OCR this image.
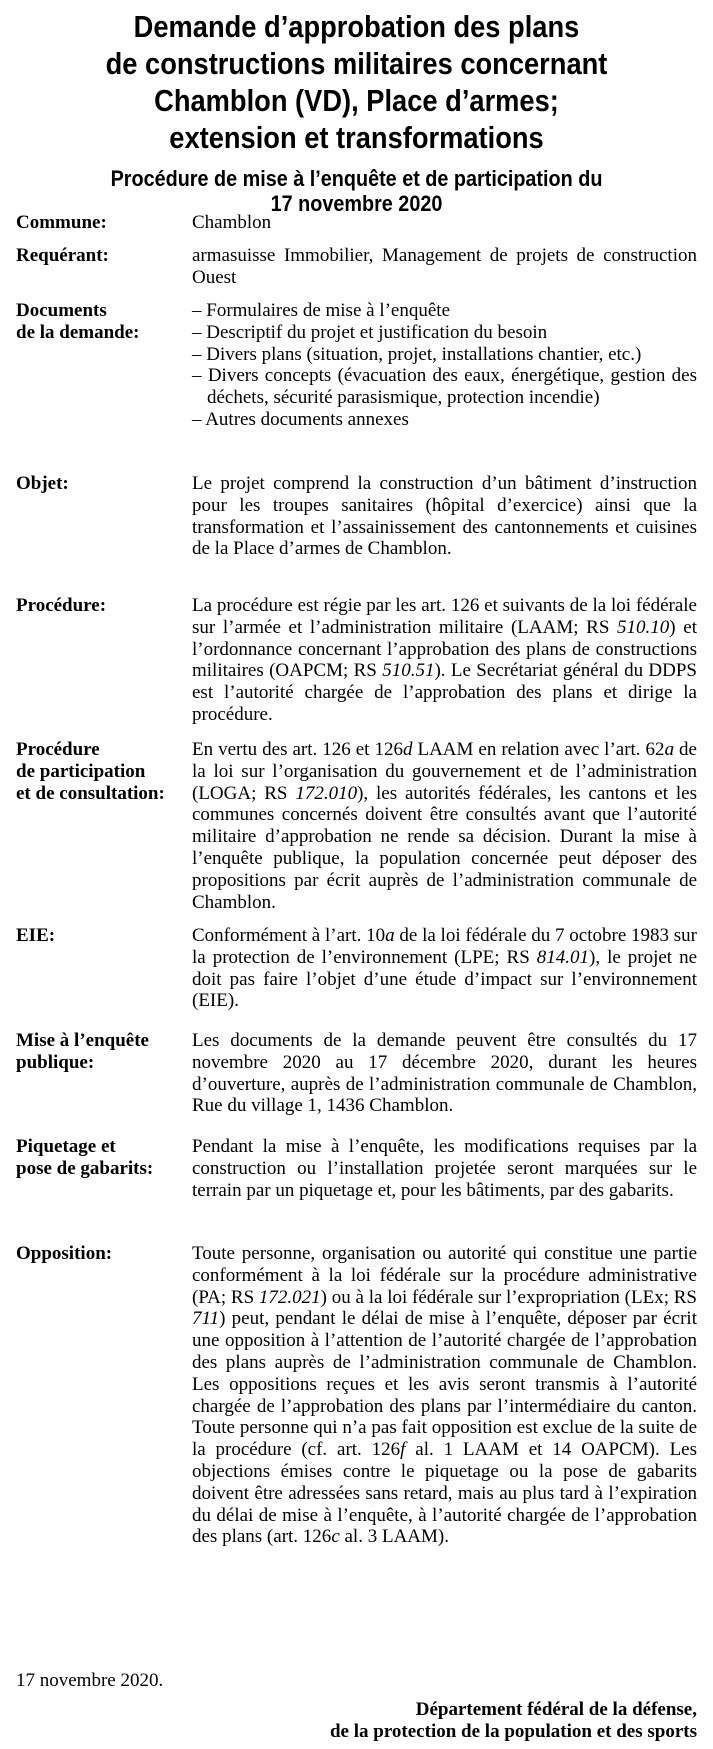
Demande d’approbation des plans
de constructions militaires concernant
Chamblon (VD), Place d’armes;
extension et transformations
Procédure de mise à l’enquête et de participation du
17 novembre 2020
Commune:	Chamblon
Requérant:	armasuisse Immobilier, Management de projets de construction Ouest
Documents
de la demande:
– Formulaires de mise à l’enquête
– Descriptif du projet et justification du besoin
– Divers plans (situation, projet, installations chantier, etc.)
– Divers concepts (évacuation des eaux, énergétique, gestion des déchets, sécurité parasismique, protection incendie)
– Autres documents annexes
Objet:	Le projet comprend la construction d’un bâtiment d’instruction pour les troupes sanitaires (hôpital d’exercice) ainsi que la transformation et l’assainissement des cantonnements et cuisines de la Place d’armes de Chamblon.
Procédure:	La procédure est régie par les art. 126 et suivants de la loi fédérale sur l’armée et l’administration militaire (LAAM; RS 510.10) et l’ordonnance concernant l’approbation des plans de constructions militaires (OAPCM; RS 510.51). Le Secrétariat général du DDPS est l’autorité chargée de l’approbation des plans et dirige la procédure.
Procédure
de participation
et de consultation:
En vertu des art. 126 et 126d LAAM en relation avec l’art. 62a de la loi sur l’organisation du gouvernement et de l’administration (LOGA; RS 172.010), les autorités fédérales, les cantons et les communes concernés doivent être consultés avant que l’autorité militaire d’approbation ne rende sa décision. Durant la mise à l’enquête publique, la population concernée peut déposer des propositions par écrit auprès de l’administration communale de Chamblon.
EIE:	Conformément à l’art. 10a de la loi fédérale du 7 octobre 1983 sur la protection de l’environnement (LPE; RS 814.01), le projet ne doit pas faire l’objet d’une étude d’impact sur l’environnement (EIE).
Mise à l’enquête
publique:
Les documents de la demande peuvent être consultés du 17 novembre 2020 au 17 décembre 2020, durant les heures d’ouverture, auprès de l’administration communale de Chamblon, Rue du village 1, 1436 Chamblon.
Piquetage et
pose de gabarits:
Pendant la mise à l’enquête, les modifications requises par la construction ou l’installation projetée seront marquées sur le terrain par un piquetage et, pour les bâtiments, par des gabarits.
Opposition:	Toute personne, organisation ou autorité qui constitue une partie conformément à la loi fédérale sur la procédure administrative (PA; RS 172.021) ou à la loi fédérale sur l’expropriation (LEx; RS 711) peut, pendant le délai de mise à l’enquête, déposer par écrit une opposition à l’attention de l’autorité chargée de l’approbation des plans auprès de l’administration communale de Chamblon. Les oppositions reçues et les avis seront transmis à l’autorité chargée de l’approbation des plans par l’intermédiaire du canton. Toute personne qui n’a pas fait opposition est exclue de la suite de la procédure (cf. art. 126f al. 1 LAAM et 14 OAPCM). Les objections émises contre le piquetage ou la pose de gabarits doivent être adressées sans retard, mais au plus tard à l’expiration du délai de mise à l’enquête, à l’autorité chargée de l’approbation des plans (art. 126c al. 3 LAAM).
17 novembre 2020.
Département fédéral de la défense,
de la protection de la population et des sports
